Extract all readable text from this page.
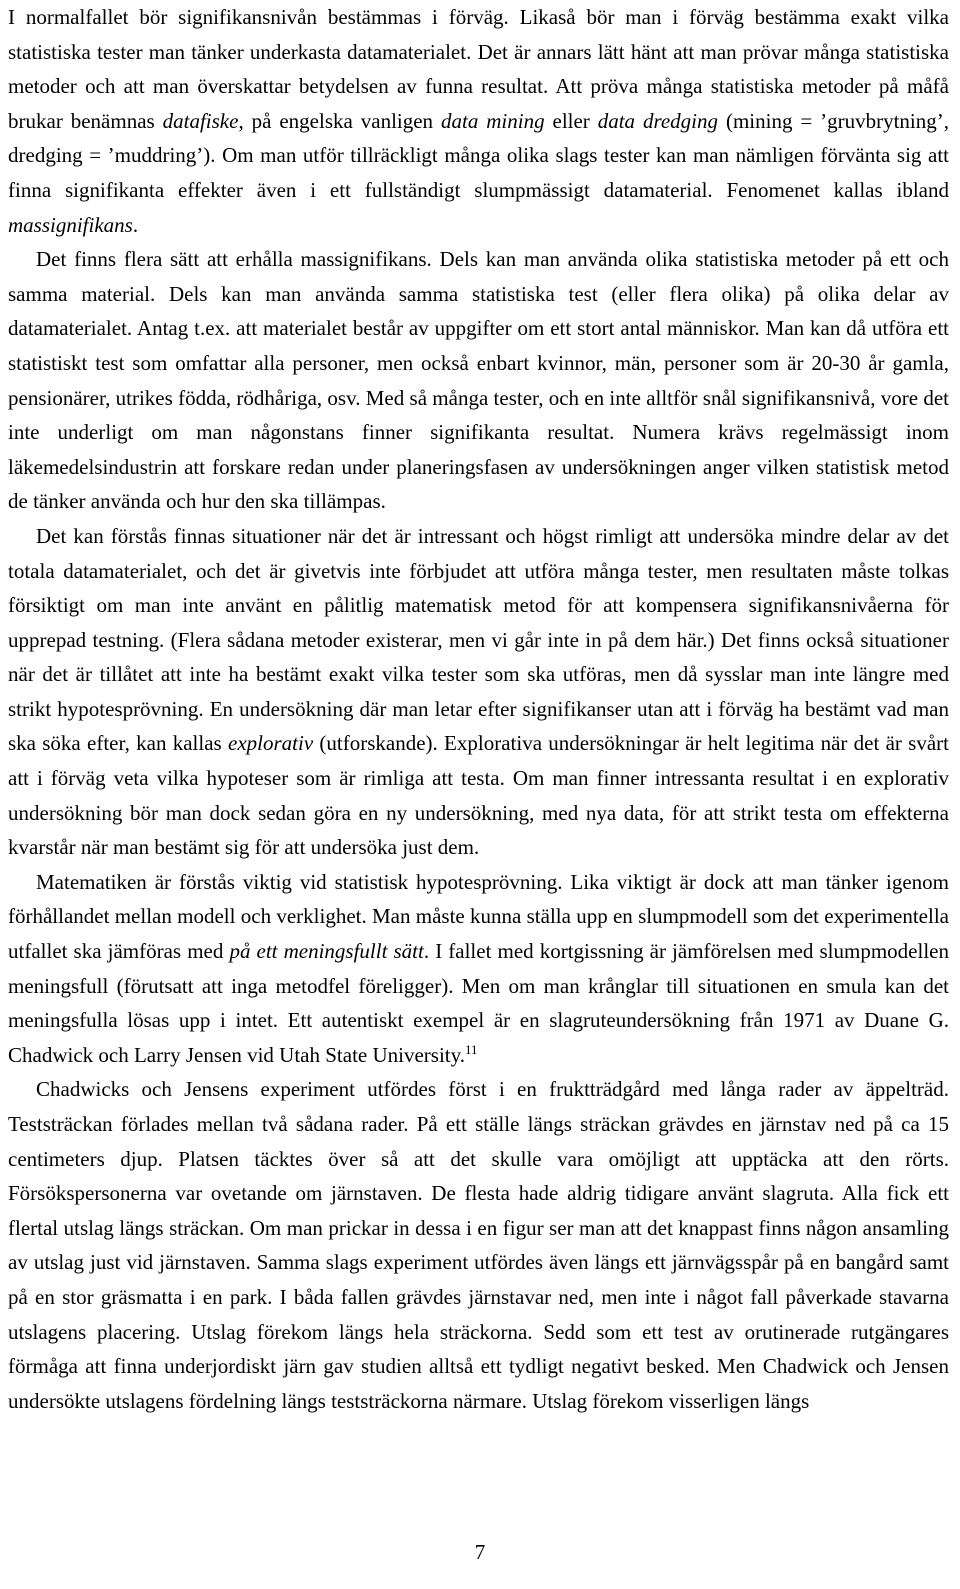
I normalfallet bör signifikansnivån bestämmas i förväg. Likaså bör man i förväg bestämma exakt vilka statistiska tester man tänker underkasta datamaterialet. Det är annars lätt hänt att man prövar många statistiska metoder och att man överskattar betydelsen av funna resultat. Att pröva många statistiska metoder på måfå brukar benämnas datafiske, på engelska vanligen data mining eller data dredging (mining = ’gruvbrytning’, dredging = ’muddring’). Om man utför tillräckligt många olika slags tester kan man nämligen förvänta sig att finna signifikanta effekter även i ett fullständigt slumpmässigt datamaterial. Fenomenet kallas ibland massignifikans.

Det finns flera sätt att erhålla massignifikans. Dels kan man använda olika statistiska metoder på ett och samma material. Dels kan man använda samma statistiska test (eller flera olika) på olika delar av datamaterialet. Antag t.ex. att materialet består av uppgifter om ett stort antal människor. Man kan då utföra ett statistiskt test som omfattar alla personer, men också enbart kvinnor, män, personer som är 20-30 år gamla, pensionärer, utrikes födda, rödhåriga, osv. Med så många tester, och en inte alltför snål signifikansnivå, vore det inte underligt om man någonstans finner signifikanta resultat. Numera krävs regelmässigt inom läkemedelsindustrin att forskare redan under planeringsfasen av undersökningen anger vilken statistisk metod de tänker använda och hur den ska tillämpas.

Det kan förstås finnas situationer när det är intressant och högst rimligt att undersöka mindre delar av det totala datamaterialet, och det är givetvis inte förbjudet att utföra många tester, men resultaten måste tolkas försiktigt om man inte använt en pålitlig matematisk metod för att kompensera signifikansnivåerna för upprepad testning. (Flera sådana metoder existerar, men vi går inte in på dem här.) Det finns också situationer när det är tillåtet att inte ha bestämt exakt vilka tester som ska utföras, men då sysslar man inte längre med strikt hypotesprövning. En undersökning där man letar efter signifikanser utan att i förväg ha bestämt vad man ska söka efter, kan kallas explorativ (utforskande). Explorativa undersökningar är helt legitima när det är svårt att i förväg veta vilka hypoteser som är rimliga att testa. Om man finner intressanta resultat i en explorativ undersökning bör man dock sedan göra en ny undersökning, med nya data, för att strikt testa om effekterna kvarstår när man bestämt sig för att undersöka just dem.

Matematiken är förstås viktig vid statistisk hypotesprövning. Lika viktigt är dock att man tänker igenom förhållandet mellan modell och verklighet. Man måste kunna ställa upp en slumpmodell som det experimentella utfallet ska jämföras med på ett meningsfullt sätt. I fallet med kortgissning är jämförelsen med slumpmodellen meningsfull (förutsatt att inga metodfel föreligger). Men om man krånglar till situationen en smula kan det meningsfulla lösas upp i intet. Ett autentiskt exempel är en slagruteundersökning från 1971 av Duane G. Chadwick och Larry Jensen vid Utah State University.$^{11}$

Chadwicks och Jensens experiment utfördes först i en fruktträdgård med långa rader av äppelträd. Teststräckan förlades mellan två sådana rader. På ett ställe längs sträckan grävdes en järnstav ned på ca 15 centimeters djup. Platsen täcktes över så att det skulle vara omöjligt att upptäcka att den rörts. Försökspersonerna var ovetande om järnstaven. De flesta hade aldrig tidigare använt slagruta. Alla fick ett flertal utslag längs sträckan. Om man prickar in dessa i en figur ser man att det knappast finns någon ansamling av utslag just vid järnstaven. Samma slags experiment utfördes även längs ett järnvägsspår på en bangård samt på en stor gräsmatta i en park. I båda fallen grävdes järnstavar ned, men inte i något fall påverkade stavarna utslagens placering. Utslag förekom längs hela sträckorna. Sedd som ett test av orutinerade rutgängares förmåga att finna underjordiskt järn gav studien alltså ett tydligt negativt besked. Men Chadwick och Jensen undersökte utslagens fördelning längs teststräckorna närmare. Utslag förekom visserligen längs

7
